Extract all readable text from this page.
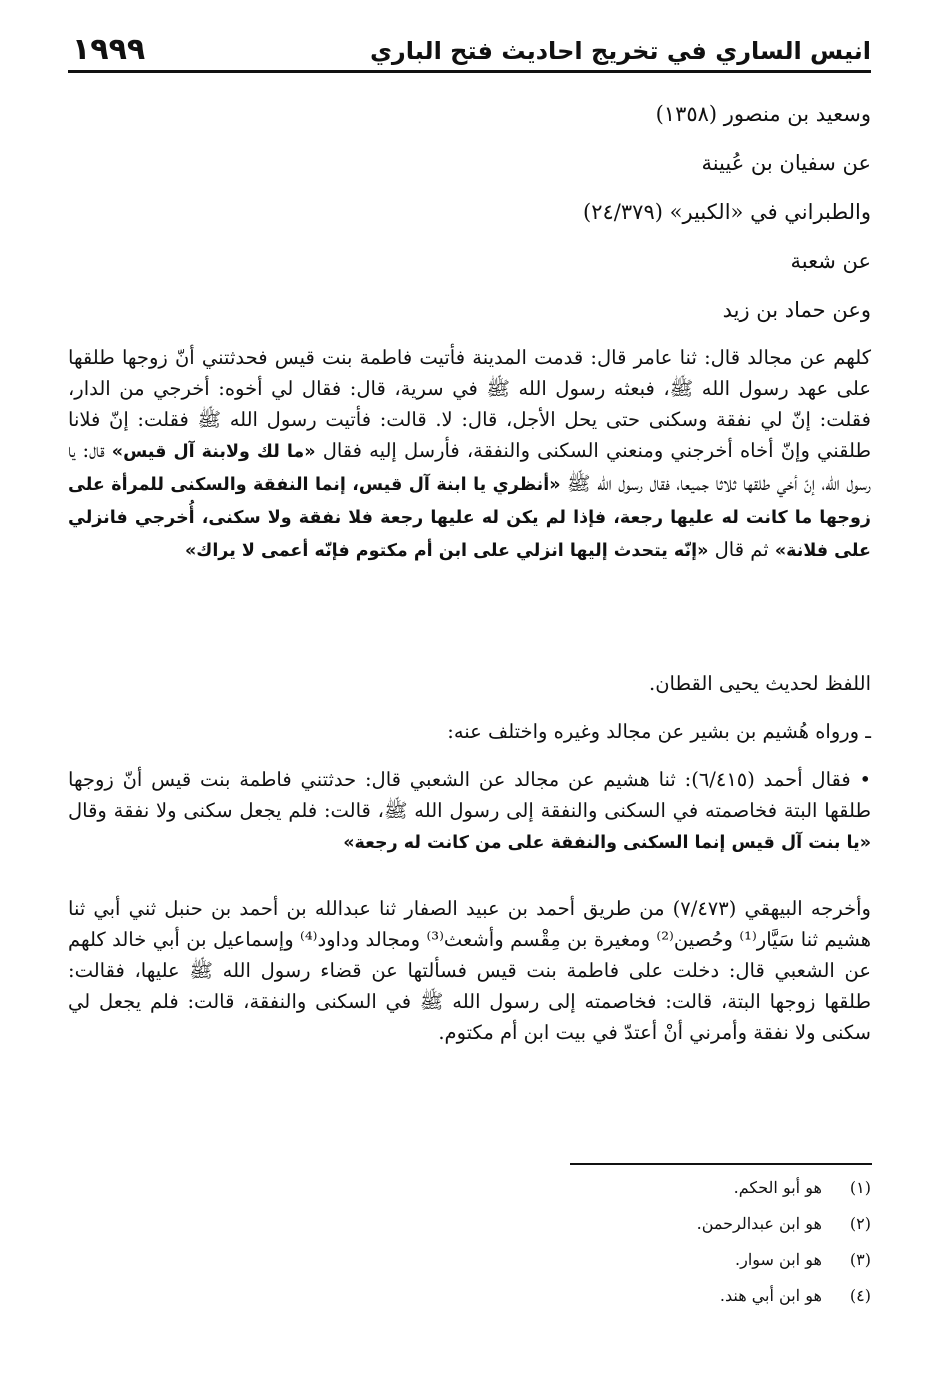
١٩٩٩	انيس الساري في تخريج احاديث فتح الباري
وسعيد بن منصور (١٣٥٨)
عن سفيان بن عُيينة
والطبراني في «الكبير» (٢٤/٣٧٩)
عن شعبة
وعن حماد بن زيد
كلهم عن مجالد قال: ثنا عامر قال: قدمت المدينة فأتيت فاطمة بنت قيس فحدثتني أنّ زوجها طلقها على عهد رسول الله ﷺ، فبعثه رسول الله ﷺ في سرية، قال: فقال لي أخوه: أخرجي من الدار، فقلت: إنّ لي نفقة وسكنى حتى يحل الأجل، قال: لا. قالت: فأتيت رسول الله ﷺ فقلت: إنّ فلانا طلقني وإنّ أخاه أخرجني ومنعني السكنى والنفقة، فأرسل إليه فقال «ما لك ولابنة آل قيس» قال: يا رسول الله، إنّ أخي طلقها ثلاثا جميعا، فقال رسول الله ﷺ «أنظري يا ابنة آل قيس، إنما النفقة والسكنى للمرأة على زوجها ما كانت له عليها رجعة، فإذا لم يكن له عليها رجعة فلا نفقة ولا سكنى، أُخرجي فانزلي على فلانة» ثم قال «إنّه يتحدث إليها انزلي على ابن أم مكتوم فإنّه أعمى لا يراك»
اللفظ لحديث يحيى القطان.
ـ ورواه هُشيم بن بشير عن مجالد وغيره واختلف عنه:
• فقال أحمد (٦/٤١٥): ثنا هشيم عن مجالد عن الشعبي قال: حدثتني فاطمة بنت قيس أنّ زوجها طلقها البتة فخاصمته في السكنى والنفقة إلى رسول الله ﷺ، قالت: فلم يجعل سكنى ولا نفقة وقال «يا بنت آل قيس إنما السكنى والنفقة على من كانت له رجعة»
وأخرجه البيهقي (٧/٤٧٣) من طريق أحمد بن عبيد الصفار ثنا عبدالله بن أحمد بن حنبل ثني أبي ثنا هشيم ثنا سَيَّار⁽¹⁾ وحُصين⁽²⁾ ومغيرة بن مِقْسم وأشعث⁽³⁾ ومجالد وداود⁽⁴⁾ وإسماعيل بن أبي خالد كلهم عن الشعبي قال: دخلت على فاطمة بنت قيس فسألتها عن قضاء رسول الله ﷺ عليها، فقالت: طلقها زوجها البتة، قالت: فخاصمته إلى رسول الله ﷺ في السكنى والنفقة، قالت: فلم يجعل لي سكنى ولا نفقة وأمرني أنْ أعتدّ في بيت ابن أم مكتوم.
(١)هو أبو الحكم.
(٢)هو ابن عبدالرحمن.
(٣)هو ابن سوار.
(٤)هو ابن أبي هند.
